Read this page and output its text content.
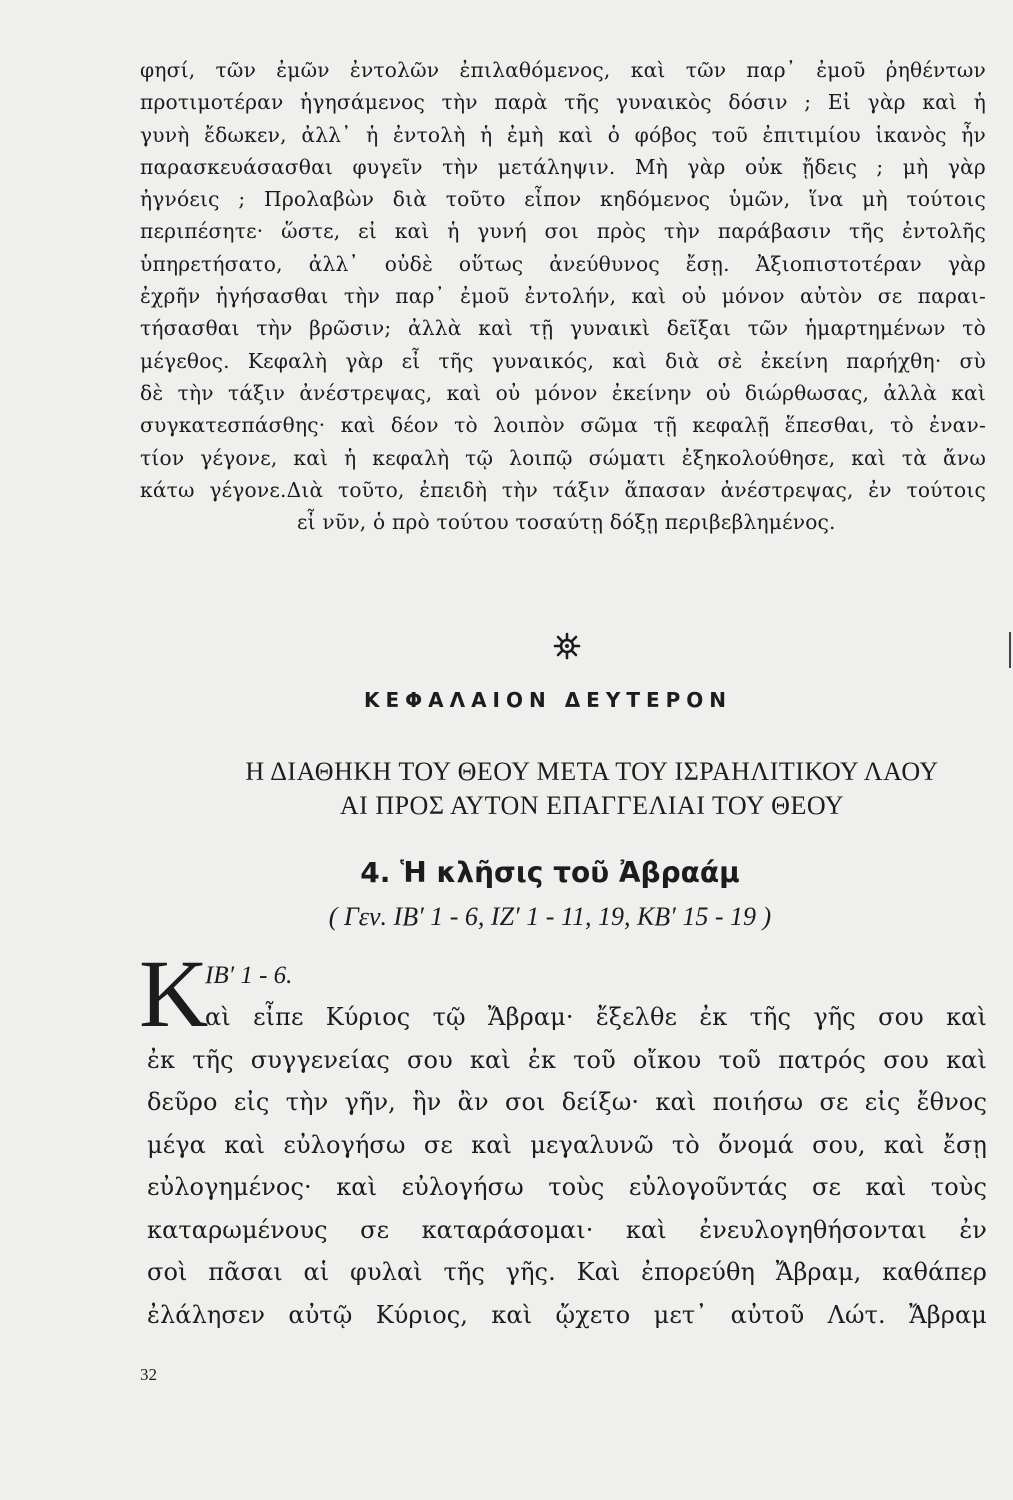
φησί, τῶν ἐμῶν ἐντολῶν ἐπιλαθόμενος, καὶ τῶν παρ᾽ ἐμοῦ ῥηθέντων
προτιμοτέραν ἡγησάμενος τὴν παρὰ τῆς γυναικὸς δόσιν ; Εἰ γὰρ καὶ ἡ
γυνὴ ἔδωκεν, ἀλλ᾽ ἡ ἐντολὴ ἡ ἐμὴ καὶ ὁ φόβος τοῦ ἐπιτιμίου ἱκανὸς ἦν
παρασκευάσασθαι φυγεῖν τὴν μετάληψιν. Μὴ γὰρ οὐκ ᾔδεις ; μὴ γὰρ
ἠγνόεις ; Προλαβὼν διὰ τοῦτο εἶπον κηδόμενος ὑμῶν, ἵνα μὴ τούτοις
περιπέσητε· ὥστε, εἰ καὶ ἡ γυνή σοι πρὸς τὴν παράβασιν τῆς ἐντολῆς
ὑπηρετήσατο, ἀλλ᾽ οὐδὲ οὕτως ἀνεύθυνος ἔσῃ. Ἀξιοπιστοτέραν γὰρ
ἐχρῆν ἡγήσασθαι τὴν παρ᾽ ἐμοῦ ἐντολήν, καὶ οὐ μόνον αὐτὸν σε παραι-
τήσασθαι τὴν βρῶσιν; ἀλλὰ καὶ τῇ γυναικὶ δεῖξαι τῶν ἡμαρτημένων τὸ
μέγεθος. Κεφαλὴ γὰρ εἶ τῆς γυναικός, καὶ διὰ σὲ ἐκείνη παρήχθη· σὺ
δὲ τὴν τάξιν ἀνέστρεψας, καὶ οὐ μόνον ἐκείνην οὐ διώρθωσας, ἀλλὰ καὶ
συγκατεσπάσθης· καὶ δέον τὸ λοιπὸν σῶμα τῇ κεφαλῇ ἕπεσθαι, τὸ ἐναν-
τίον γέγονε, καὶ ἡ κεφαλὴ τῷ λοιπῷ σώματι ἐξηκολούθησε, καὶ τὰ ἄνω
κάτω γέγονε.Διὰ τοῦτο, ἐπειδὴ τὴν τάξιν ἅπασαν ἀνέστρεψας, ἐν τούτοις
εἶ νῦν, ὁ πρὸ τούτου τοσαύτῃ δόξῃ περιβεβλημένος.
ΚΕΦΑΛΑΙΟΝ ΔΕΥΤΕΡΟΝ
Η ΔΙΑΘΗΚΗ ΤΟΥ ΘΕΟΥ ΜΕΤΑ ΤΟΥ ΙΣΡΑΗΛΙΤΙΚΟΥ ΛΑΟΥ
ΑΙ ΠΡΟΣ ΑΥΤΟΝ ΕΠΑΓΓΕΛΙΑΙ ΤΟΥ ΘΕΟΥ
4. Ἡ κλῆσις τοῦ Ἀβραάμ
( Γεν. ΙΒ′ 1 - 6, ΙΖ′ 1 - 11, 19, ΚΒ′ 15 - 19 )
Κ
ΙΒ′ 1 - 6.
αὶ εἶπε Κύριος τῷ Ἄβραμ· ἔξελθε ἐκ τῆς γῆς σου καὶ
ἐκ τῆς συγγενείας σου καὶ ἐκ τοῦ οἴκου τοῦ πατρός σου καὶ
δεῦρο εἰς τὴν γῆν, ἣν ἂν σοι δείξω· καὶ ποιήσω σε εἰς ἔθνος
μέγα καὶ εὐλογήσω σε καὶ μεγαλυνῶ τὸ ὄνομά σου, καὶ ἔσῃ
εὐλογημένος· καὶ εὐλογήσω τοὺς εὐλογοῦντάς σε καὶ τοὺς
καταρωμένους σε καταράσομαι· καὶ ἐνευλογηθήσονται ἐν
σοὶ πᾶσαι αἱ φυλαὶ τῆς γῆς. Καὶ ἐπορεύθη Ἄβραμ, καθάπερ
ἐλάλησεν αὐτῷ Κύριος, καὶ ᾤχετο μετ᾽ αὐτοῦ Λώτ. Ἄβραμ
32
